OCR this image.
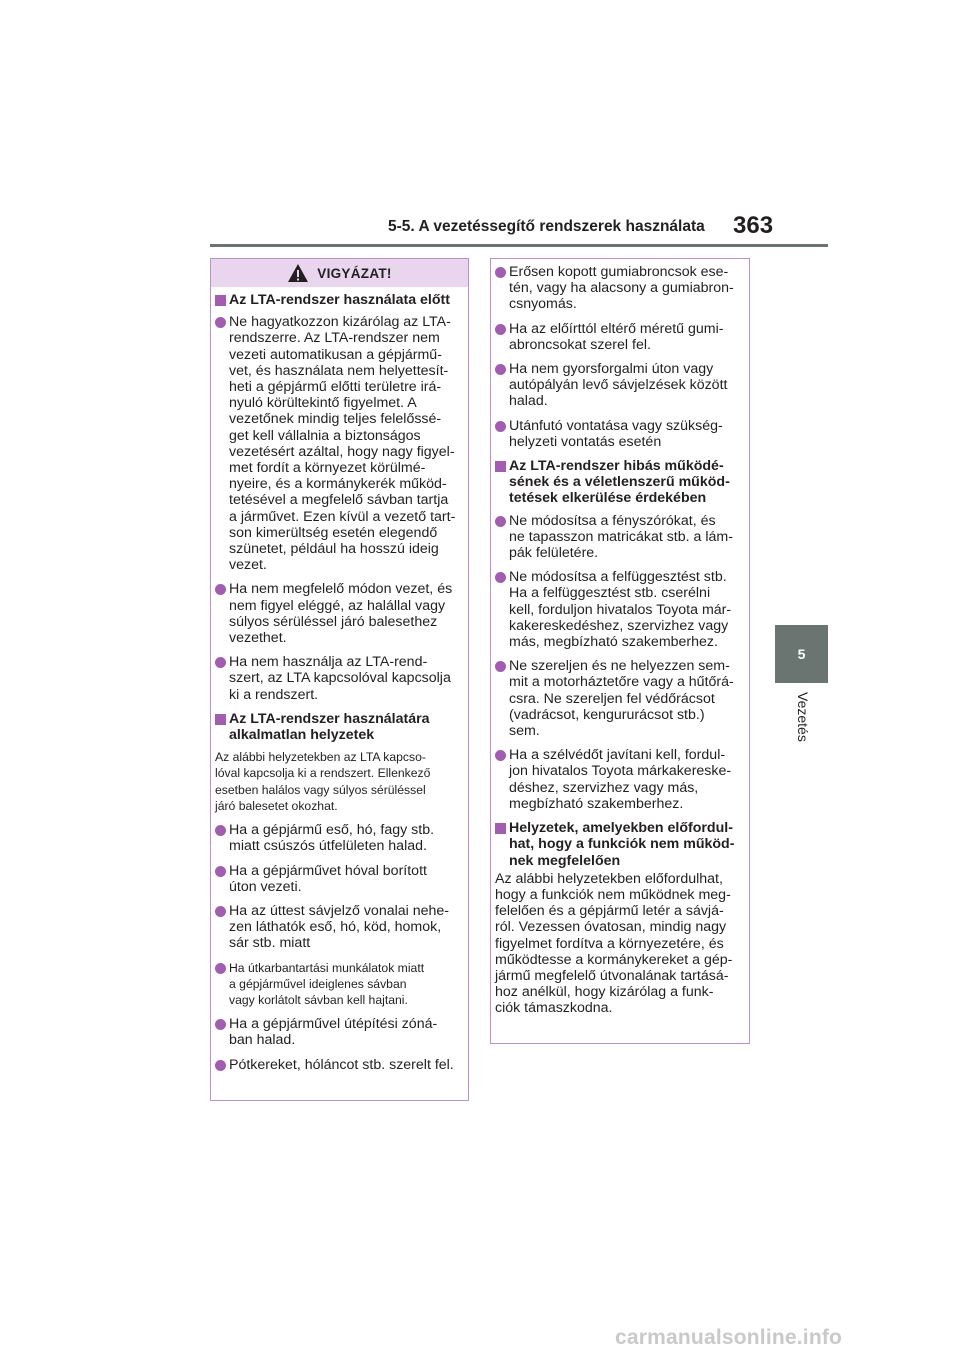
5-5. A vezetéssegítő rendszerek használata 363
5
Vezetés
VIGYÁZAT!
Az LTA-rendszer használata előtt
Ne hagyatkozzon kizárólag az LTA-
rendszerre. Az LTA-rendszer nem
vezeti automatikusan a gépjármű-
vet, és használata nem helyettesít-
heti a gépjármű előtti területre irá-
nyuló körültekintő figyelmet. A
vezetőnek mindig teljes felelőssé-
get kell vállalnia a biztonságos
vezetésért azáltal, hogy nagy figyel-
met fordít a környezet körülmé-
nyeire, és a kormánykerék működ-
tetésével a megfelelő sávban tartja
a járművet. Ezen kívül a vezető tart-
son kimerültség esetén elegendő
szünetet, például ha hosszú ideig
vezet.
Ha nem megfelelő módon vezet, és
nem figyel eléggé, az halállal vagy
súlyos sérüléssel járó balesethez
vezethet.
Ha nem használja az LTA-rend-
szert, az LTA kapcsolóval kapcsolja
ki a rendszert.
Az LTA-rendszer használatára
alkalmatlan helyzetek
Az alábbi helyzetekben az LTA kapcso-
lóval kapcsolja ki a rendszert. Ellenkező
esetben halálos vagy súlyos sérüléssel
járó balesetet okozhat.
Ha a gépjármű eső, hó, fagy stb.
miatt csúszós útfelületen halad.
Ha a gépjárművet hóval borított
úton vezeti.
Ha az úttest sávjelző vonalai nehe-
zen láthatók eső, hó, köd, homok,
sár stb. miatt
Ha útkarbantartási munkálatok miatt
a gépjárművel ideiglenes sávban
vagy korlátolt sávban kell hajtani.
Ha a gépjárművel útépítési zóná-
ban halad.
Pótkereket, hóláncot stb. szerelt fel.
Erősen kopott gumiabroncsok ese-
tén, vagy ha alacsony a gumiabron-
csnyomás.
Ha az előírttól eltérő méretű gumi-
abroncsokat szerel fel.
Ha nem gyorsforgalmi úton vagy
autópályán levő sávjelzések között
halad.
Utánfutó vontatása vagy szükség-
helyzeti vontatás esetén
Az LTA-rendszer hibás működé-
sének és a véletlenszerű működ-
tetések elkerülése érdekében
Ne módosítsa a fényszórókat, és
ne tapasszon matricákat stb. a lám-
pák felületére.
Ne módosítsa a felfüggesztést stb.
Ha a felfüggesztést stb. cserélni
kell, forduljon hivatalos Toyota már-
kakereskedéshez, szervizhez vagy
más, megbízható szakemberhez.
Ne szereljen és ne helyezzen sem-
mit a motorháztetőre vagy a hűtőrá-
csra. Ne szereljen fel védőrácsot
(vadrácsot, kengururácsot stb.)
sem.
Ha a szélvédőt javítani kell, fordul-
jon hivatalos Toyota márkakereske-
déshez, szervizhez vagy más,
megbízható szakemberhez.
Helyzetek, amelyekben előfordul-
hat, hogy a funkciók nem működ-
nek megfelelően
Az alábbi helyzetekben előfordulhat,
hogy a funkciók nem működnek meg-
felelően és a gépjármű letér a sávjá-
ról. Vezessen óvatosan, mindig nagy
figyelmet fordítva a környezetére, és
működtesse a kormánykereket a gép-
jármű megfelelő útvonalának tartásá-
hoz anélkül, hogy kizárólag a funk-
ciók támaszkodna.
carmanualsonline.info
